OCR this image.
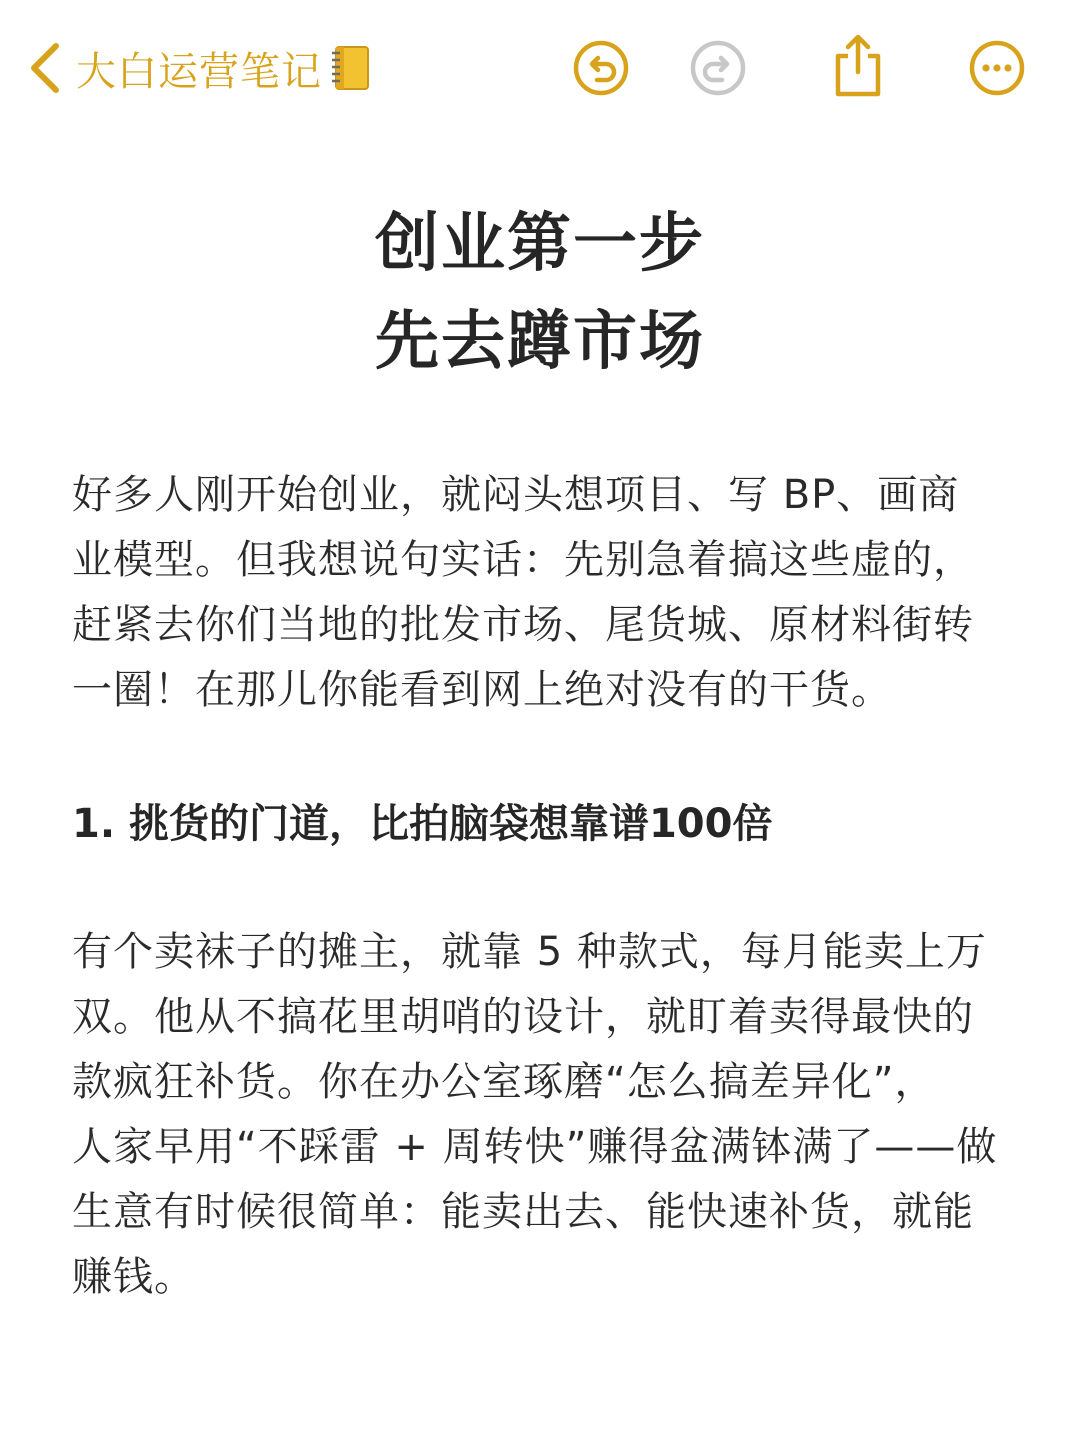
大白运营笔记
创业第一步
先去蹲市场
好多人刚开始创业，就闷头想项目、写 BP、画商
业模型。但我想说句实话：先别急着搞这些虚的，
赶紧去你们当地的批发市场、尾货城、原材料街转
一圈！在那儿你能看到网上绝对没有的干货。
1. 挑货的门道，比拍脑袋想靠谱100倍
有个卖袜子的摊主，就靠 5 种款式，每月能卖上万
双。他从不搞花里胡哨的设计，就盯着卖得最快的
款疯狂补货。你在办公室琢磨“怎么搞差异化”，
人家早用“不踩雷 + 周转快”赚得盆满钵满了——做
生意有时候很简单：能卖出去、能快速补货，就能
赚钱。
